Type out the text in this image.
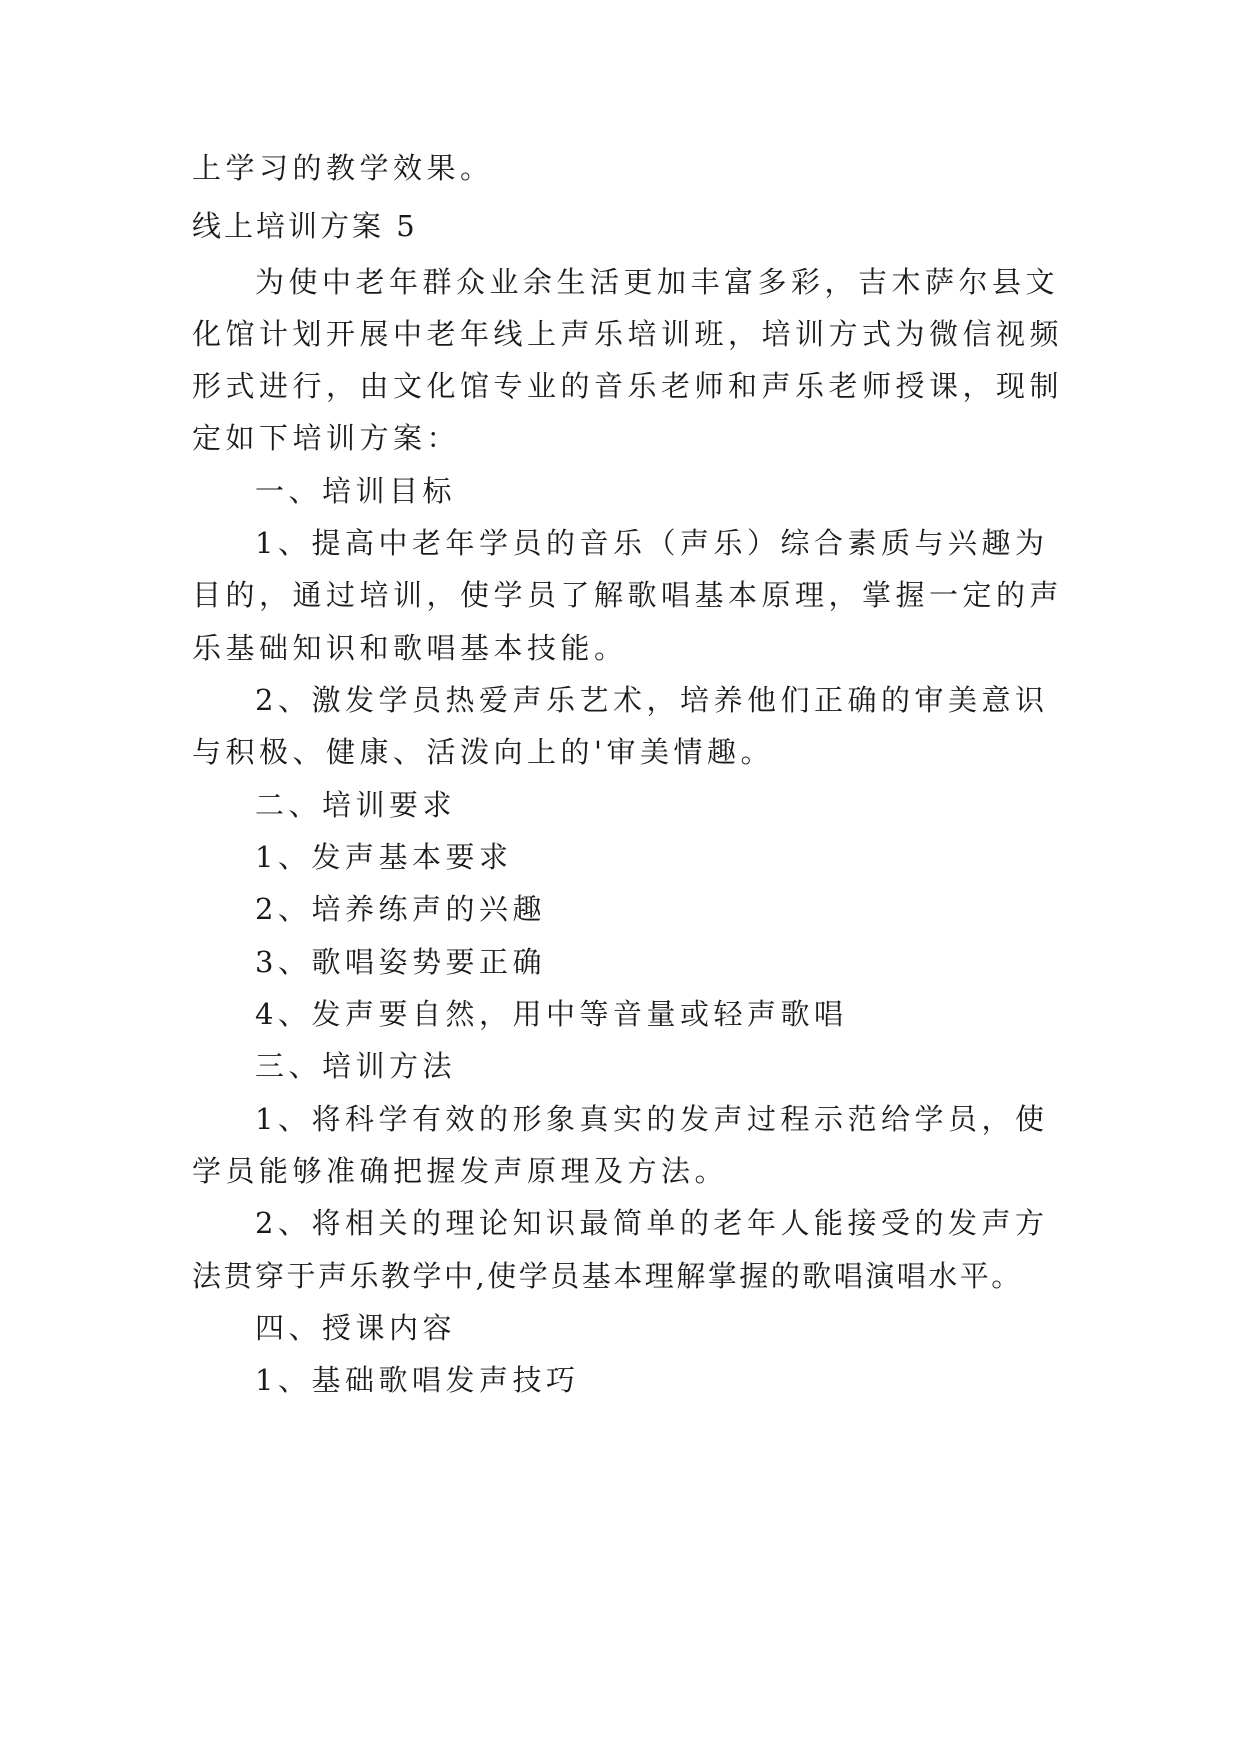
上学习的教学效果。
线上培训方案 5
为使中老年群众业余生活更加丰富多彩，吉木萨尔县文
化馆计划开展中老年线上声乐培训班，培训方式为微信视频
形式进行，由文化馆专业的音乐老师和声乐老师授课，现制
定如下培训方案：
一、培训目标
1、提高中老年学员的音乐（声乐）综合素质与兴趣为
目的，通过培训，使学员了解歌唱基本原理，掌握一定的声
乐基础知识和歌唱基本技能。
2、激发学员热爱声乐艺术，培养他们正确的审美意识
与积极、健康、活泼向上的'审美情趣。
二、培训要求
1、发声基本要求
2、培养练声的兴趣
3、歌唱姿势要正确
4、发声要自然，用中等音量或轻声歌唱
三、培训方法
1、将科学有效的形象真实的发声过程示范给学员，使
学员能够准确把握发声原理及方法。
2、将相关的理论知识最简单的老年人能接受的发声方
法贯穿于声乐教学中,使学员基本理解掌握的歌唱演唱水平。
四、授课内容
1、基础歌唱发声技巧
